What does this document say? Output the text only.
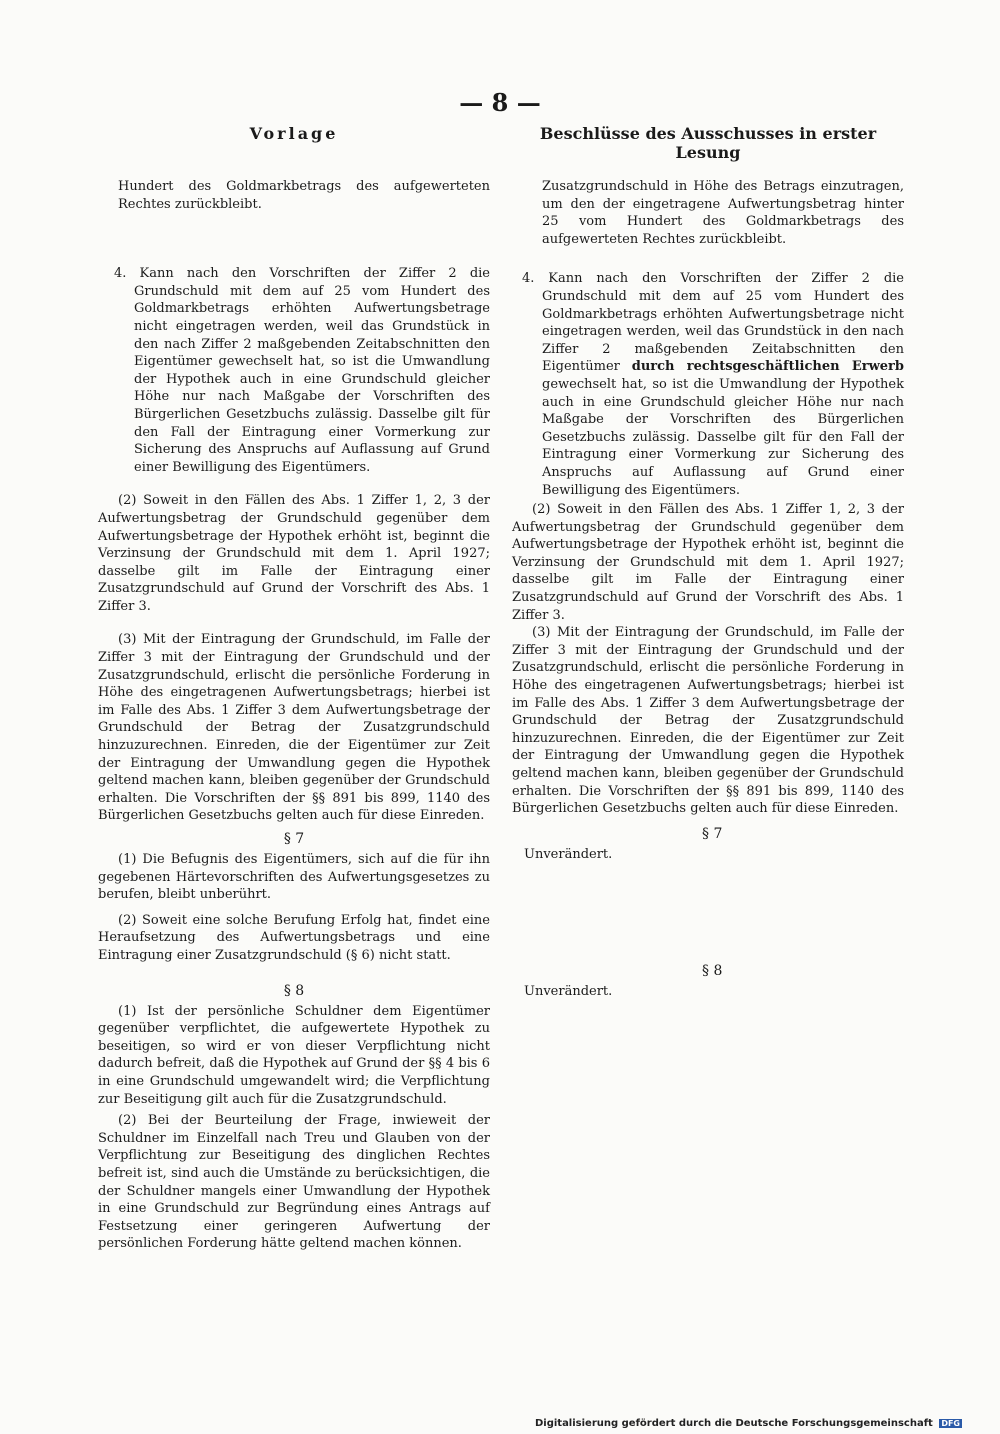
— 8 —
Vorlage	Beschlüsse des Ausschusses in erster Lesung

Hundert des Goldmarkbetrags des aufgewerteten Rechtes zurückbleibt.

4. Kann nach den Vorschriften der Ziffer 2 die Grundschuld mit dem auf 25 vom Hundert des Goldmarkbetrags erhöhten Aufwertungsbetrage nicht eingetragen werden, weil das Grundstück in den nach Ziffer 2 maßgebenden Zeitabschnitten den Eigentümer gewechselt hat, so ist die Umwandlung der Hypothek auch in eine Grundschuld gleicher Höhe nur nach Maßgabe der Vorschriften des Bürgerlichen Gesetzbuchs zulässig. Dasselbe gilt für den Fall der Eintragung einer Vormerkung zur Sicherung des Anspruchs auf Auflassung auf Grund einer Bewilligung des Eigentümers.

(2) Soweit in den Fällen des Abs. 1 Ziffer 1, 2, 3 der Aufwertungsbetrag der Grundschuld gegenüber dem Aufwertungsbetrage der Hypothek erhöht ist, beginnt die Verzinsung der Grundschuld mit dem 1. April 1927; dasselbe gilt im Falle der Eintragung einer Zusatzgrundschuld auf Grund der Vorschrift des Abs. 1 Ziffer 3.

(3) Mit der Eintragung der Grundschuld, im Falle der Ziffer 3 mit der Eintragung der Grundschuld und der Zusatzgrundschuld, erlischt die persönliche Forderung in Höhe des eingetragenen Aufwertungsbetrags; hierbei ist im Falle des Abs. 1 Ziffer 3 dem Aufwertungsbetrage der Grundschuld der Betrag der Zusatzgrundschuld hinzuzurechnen. Einreden, die der Eigentümer zur Zeit der Eintragung der Umwandlung gegen die Hypothek geltend machen kann, bleiben gegenüber der Grundschuld erhalten. Die Vorschriften der §§ 891 bis 899, 1140 des Bürgerlichen Gesetzbuchs gelten auch für diese Einreden.

§ 7

(1) Die Befugnis des Eigentümers, sich auf die für ihn gegebenen Härtevorschriften des Aufwertungsgesetzes zu berufen, bleibt unberührt.

(2) Soweit eine solche Berufung Erfolg hat, findet eine Heraufsetzung des Aufwertungsbetrags und eine Eintragung einer Zusatzgrundschuld (§ 6) nicht statt.

§ 8

(1) Ist der persönliche Schuldner dem Eigentümer gegenüber verpflichtet, die aufgewertete Hypothek zu beseitigen, so wird er von dieser Verpflichtung nicht dadurch befreit, daß die Hypothek auf Grund der §§ 4 bis 6 in eine Grundschuld umgewandelt wird; die Verpflichtung zur Beseitigung gilt auch für die Zusatzgrundschuld.

(2) Bei der Beurteilung der Frage, inwieweit der Schuldner im Einzelfall nach Treu und Glauben von der Verpflichtung zur Beseitigung des dinglichen Rechtes befreit ist, sind auch die Umstände zu berücksichtigen, die der Schuldner mangels einer Umwandlung der Hypothek in eine Grundschuld zur Begründung eines Antrags auf Festsetzung einer geringeren Aufwertung der persönlichen Forderung hätte geltend machen können.

Zusatzgrundschuld in Höhe des Betrags einzutragen, um den der eingetragene Aufwertungsbetrag hinter 25 vom Hundert des Goldmarkbetrags des aufgewerteten Rechtes zurückbleibt.

4. Kann nach den Vorschriften der Ziffer 2 die Grundschuld mit dem auf 25 vom Hundert des Goldmarkbetrags erhöhten Aufwertungsbetrage nicht eingetragen werden, weil das Grundstück in den nach Ziffer 2 maßgebenden Zeitabschnitten den Eigentümer durch rechtsgeschäftlichen Erwerb gewechselt hat, so ist die Umwandlung der Hypothek auch in eine Grundschuld gleicher Höhe nur nach Maßgabe der Vorschriften des Bürgerlichen Gesetzbuchs zulässig. Dasselbe gilt für den Fall der Eintragung einer Vormerkung zur Sicherung des Anspruchs auf Auflassung auf Grund einer Bewilligung des Eigentümers.

(2) Soweit in den Fällen des Abs. 1 Ziffer 1, 2, 3 der Aufwertungsbetrag der Grundschuld gegenüber dem Aufwertungsbetrage der Hypothek erhöht ist, beginnt die Verzinsung der Grundschuld mit dem 1. April 1927; dasselbe gilt im Falle der Eintragung einer Zusatzgrundschuld auf Grund der Vorschrift des Abs. 1 Ziffer 3.

(3) Mit der Eintragung der Grundschuld, im Falle der Ziffer 3 mit der Eintragung der Grundschuld und der Zusatzgrundschuld, erlischt die persönliche Forderung in Höhe des eingetragenen Aufwertungsbetrags; hierbei ist im Falle des Abs. 1 Ziffer 3 dem Aufwertungsbetrage der Grundschuld der Betrag der Zusatzgrundschuld hinzuzurechnen. Einreden, die der Eigentümer zur Zeit der Eintragung der Umwandlung gegen die Hypothek geltend machen kann, bleiben gegenüber der Grundschuld erhalten. Die Vorschriften der §§ 891 bis 899, 1140 des Bürgerlichen Gesetzbuchs gelten auch für diese Einreden.

§ 7

Unverändert.

§ 8

Unverändert.

Digitalisierung gefördert durch die Deutsche Forschungsgemeinschaft DFG
